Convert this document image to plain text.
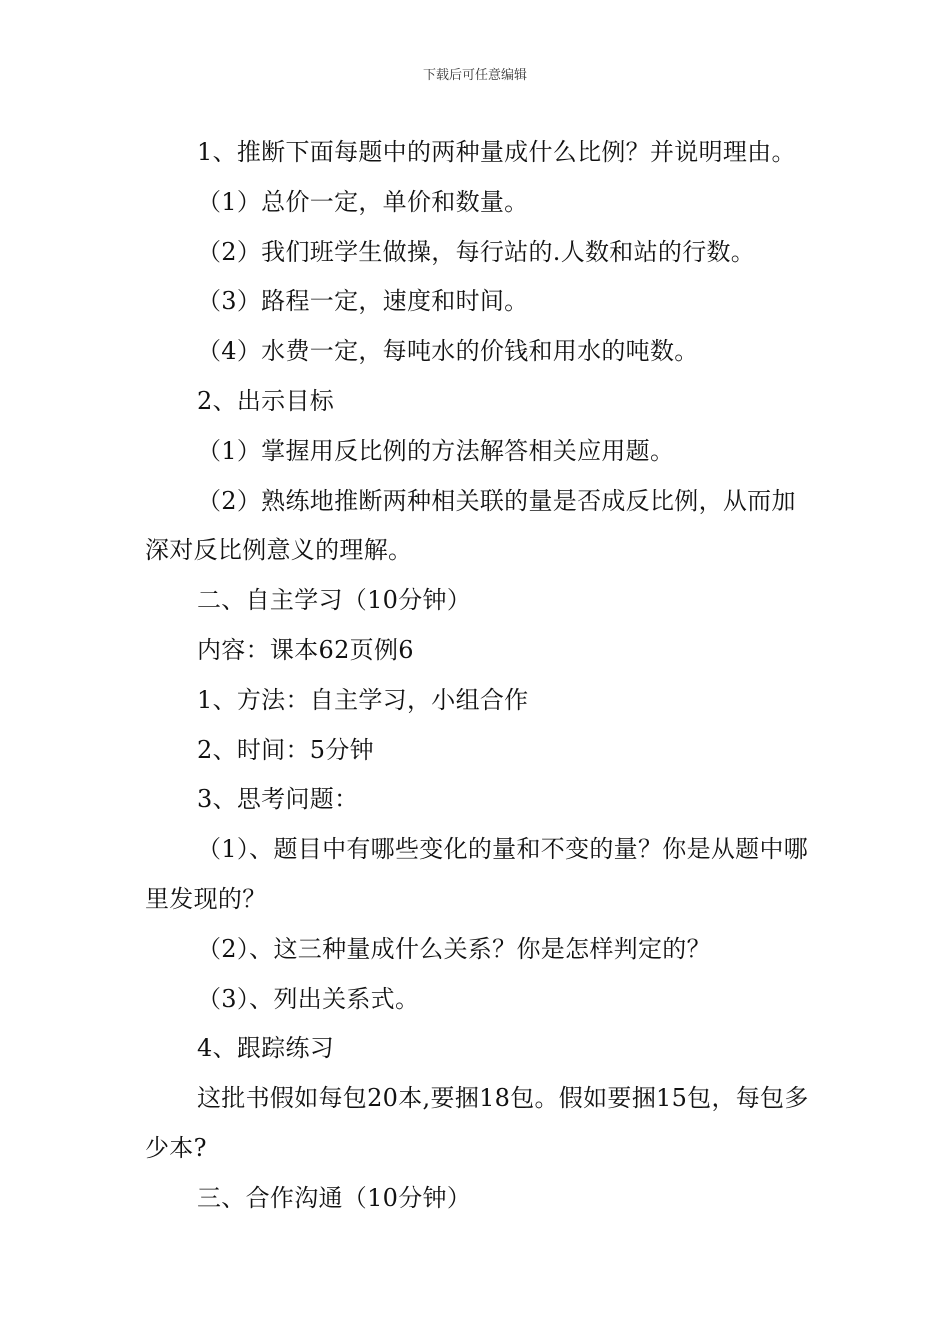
下载后可任意编辑

1、推断下面每题中的两种量成什么比例？并说明理由。

（1）总价一定，单价和数量。

（2）我们班学生做操，每行站的.人数和站的行数。

（3）路程一定，速度和时间。

（4）水费一定，每吨水的价钱和用水的吨数。

2、出示目标

（1）掌握用反比例的方法解答相关应用题。

（2）熟练地推断两种相关联的量是否成反比例，从而加深对反比例意义的理解。

二、自主学习（10分钟）

内容：课本62页例6

1、方法：自主学习，小组合作

2、时间：5分钟

3、思考问题：

（1）、题目中有哪些变化的量和不变的量？你是从题中哪里发现的？

（2）、这三种量成什么关系？你是怎样判定的？

（3）、列出关系式。

4、跟踪练习

这批书假如每包20本,要捆18包。假如要捆15包，每包多少本?

三、合作沟通（10分钟）
